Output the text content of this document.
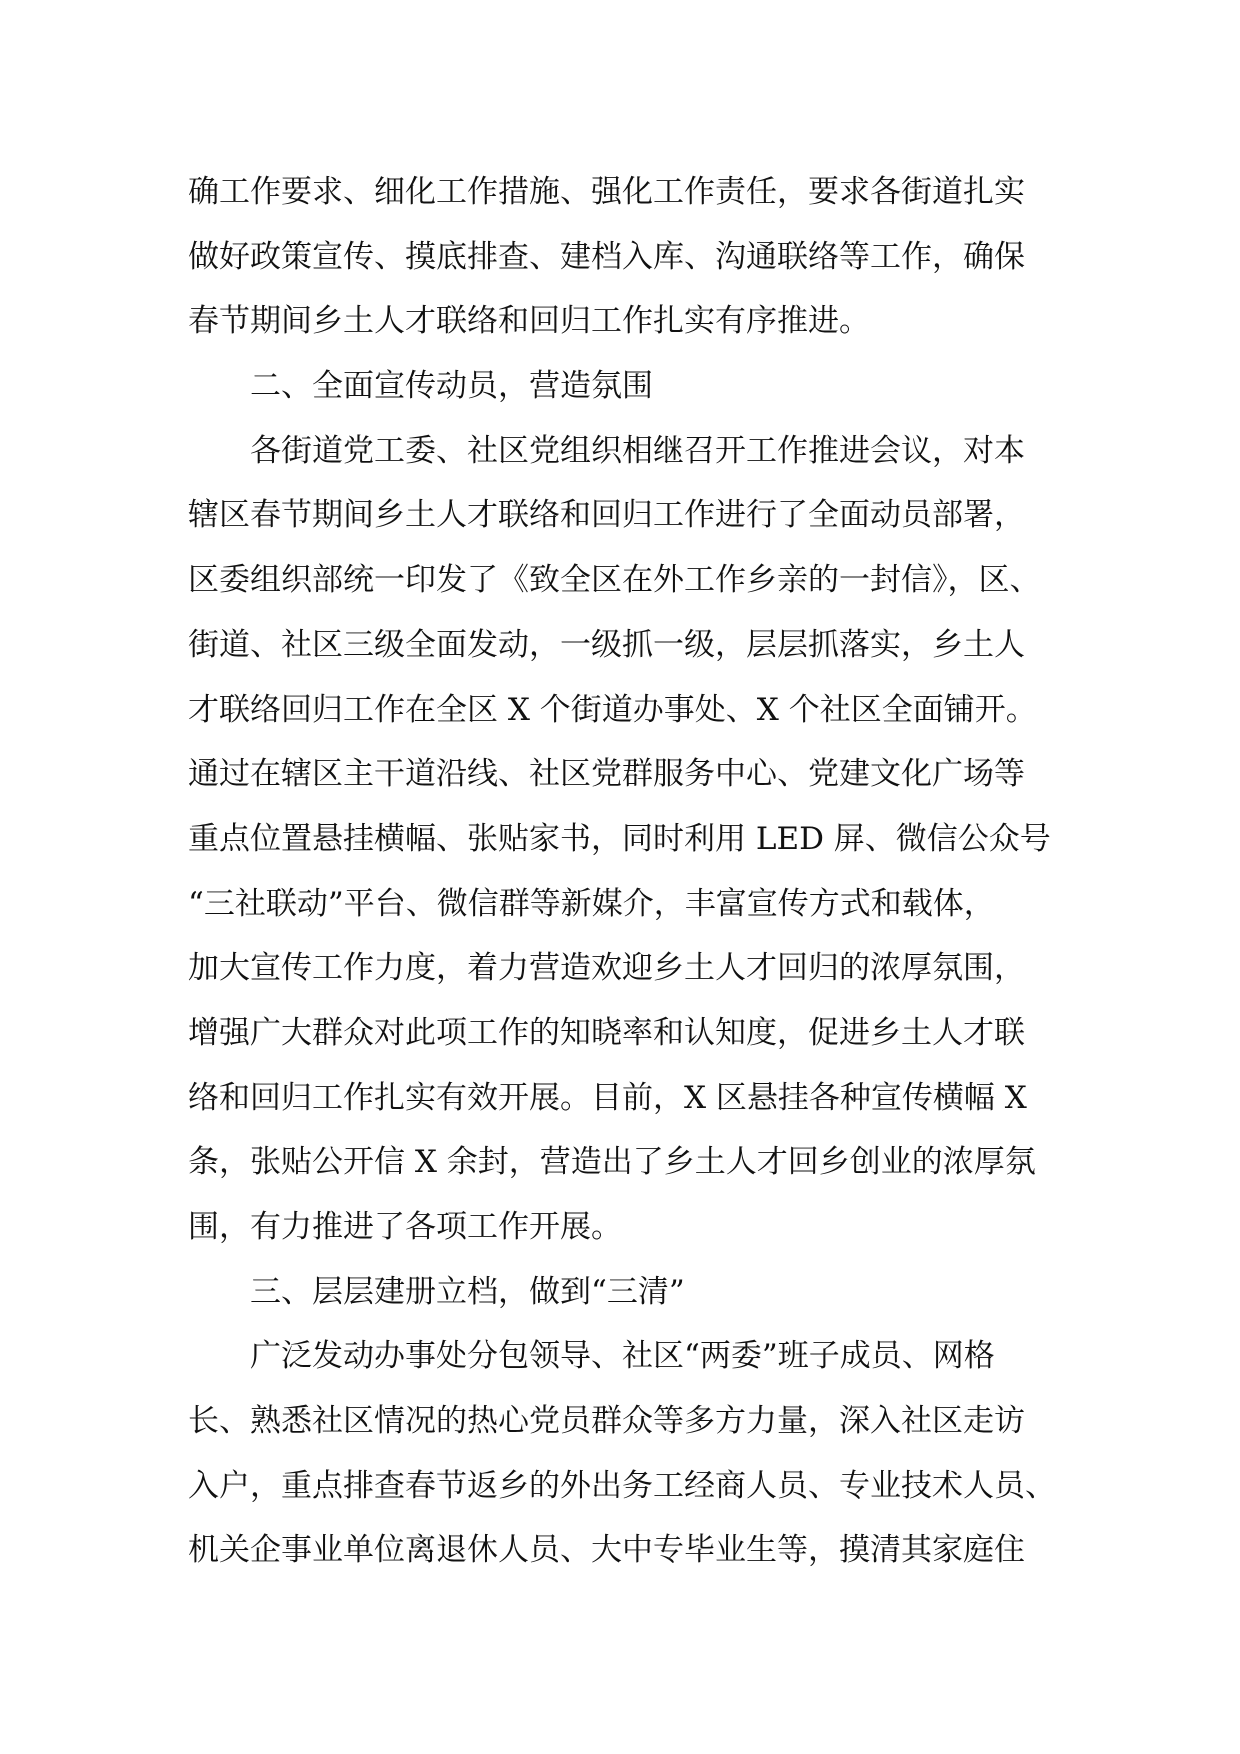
确工作要求、细化工作措施、强化工作责任，要求各街道扎实
做好政策宣传、摸底排查、建档入库、沟通联络等工作，确保
春节期间乡土人才联络和回归工作扎实有序推进。
二、全面宣传动员，营造氛围
各街道党工委、社区党组织相继召开工作推进会议，对本
辖区春节期间乡土人才联络和回归工作进行了全面动员部署，
区委组织部统一印发了《致全区在外工作乡亲的一封信》，区、
街道、社区三级全面发动，一级抓一级，层层抓落实，乡土人
才联络回归工作在全区 X 个街道办事处、X 个社区全面铺开。
通过在辖区主干道沿线、社区党群服务中心、党建文化广场等
重点位置悬挂横幅、张贴家书，同时利用 LED 屏、微信公众号
“三社联动”平台、微信群等新媒介，丰富宣传方式和载体，
加大宣传工作力度，着力营造欢迎乡土人才回归的浓厚氛围，
增强广大群众对此项工作的知晓率和认知度，促进乡土人才联
络和回归工作扎实有效开展。目前，X 区悬挂各种宣传横幅 X
条，张贴公开信 X 余封，营造出了乡土人才回乡创业的浓厚氛
围，有力推进了各项工作开展。
三、层层建册立档，做到“三清”
广泛发动办事处分包领导、社区“两委”班子成员、网格
长、熟悉社区情况的热心党员群众等多方力量，深入社区走访
入户，重点排查春节返乡的外出务工经商人员、专业技术人员、
机关企事业单位离退休人员、大中专毕业生等，摸清其家庭住
